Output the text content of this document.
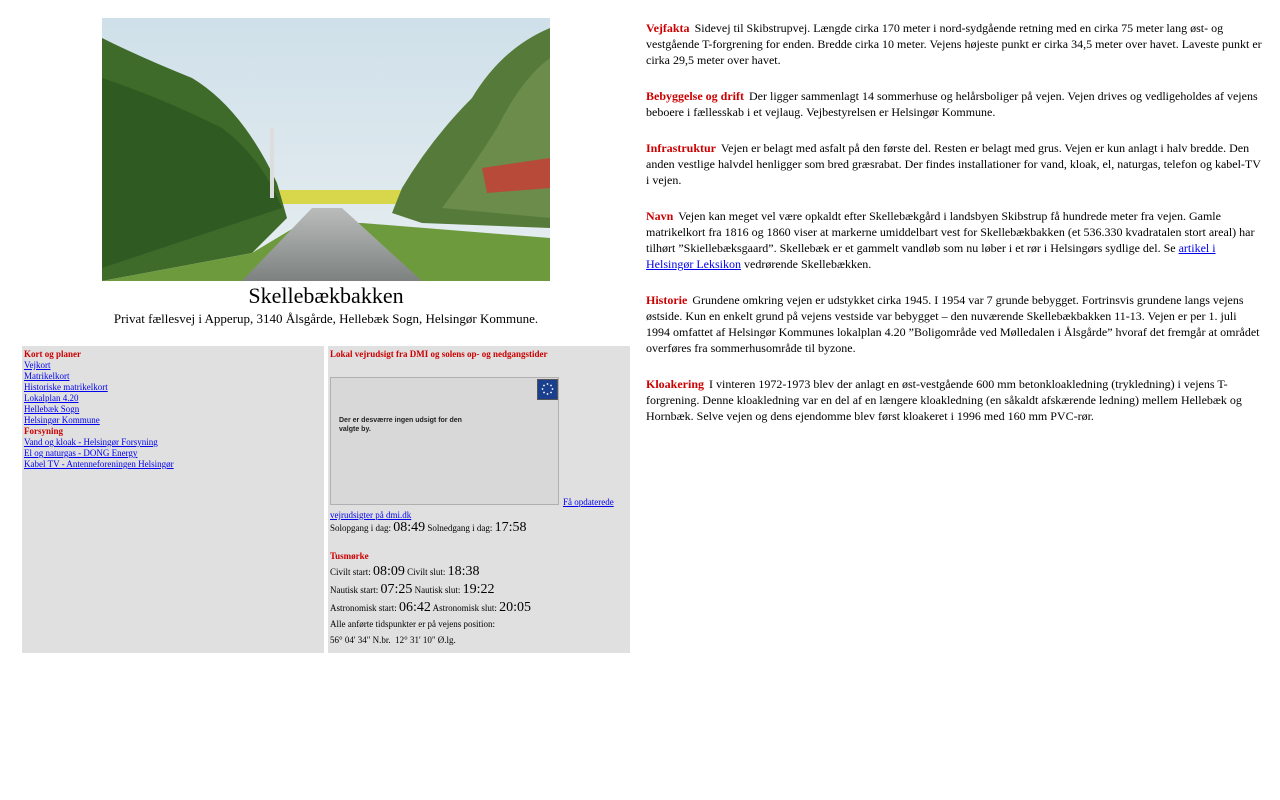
Skellebækbakken
Privat fællesvej i Apperup, 3140 Ålsgårde, Hellebæk Sogn, Helsingør Kommune.
Kort og planer
Vejkort
Matrikelkort
Historiske matrikelkort
Lokalplan 4.20
Hellebæk Sogn
Helsingør Kommune
Forsyning
Vand og kloak - Helsingør Forsyning
El og naturgas - DONG Energy
Kabel TV - Antenneforeningen Helsingør
Lokal vejrudsigt fra DMI og solens op- og nedgangstider
Der er desværre ingen udsigt for den valgte by.
Få opdaterede vejrudsigter på dmi.dk
Solopgang i dag: 08:49 Solnedgang i dag: 17:58
Tusmørke
Civilt start: 08:09 Civilt slut: 18:38
Nautisk start: 07:25 Nautisk slut: 19:22
Astronomisk start: 06:42 Astronomisk slut: 20:05
Alle anførte tidspunkter er på vejens position:
56° 04' 34" N.br. 12° 31' 10" Ø.lg.

Vejfakta Sidevej til Skibstrupvej. Længde cirka 170 meter i nord-sydgående retning med en cirka 75 meter lang øst- og vestgående T-forgrening for enden. Bredde cirka 10 meter. Vejens højeste punkt er cirka 34,5 meter over havet. Laveste punkt er cirka 29,5 meter over havet.

Bebyggelse og drift Der ligger sammenlagt 14 sommerhuse og helårsboliger på vejen. Vejen drives og vedligeholdes af vejens beboere i fællesskab i et vejlaug. Vejbestyrelsen er Helsingør Kommune.

Infrastruktur Vejen er belagt med asfalt på den første del. Resten er belagt med grus. Vejen er kun anlagt i halv bredde. Den anden vestlige halvdel henligger som bred græsrabat. Der findes installationer for vand, kloak, el, naturgas, telefon og kabel-TV i vejen.

Navn Vejen kan meget vel være opkaldt efter Skellebækgård i landsbyen Skibstrup få hundrede meter fra vejen. Gamle matrikelkort fra 1816 og 1860 viser at markerne umiddelbart vest for Skellebækbakken (et 536.330 kvadratalen stort areal) har tilhørt ”Skiellebæksgaard”. Skellebæk er et gammelt vandløb som nu løber i et rør i Helsingørs sydlige del. Se artikel i Helsingør Leksikon vedrørende Skellebækken.

Historie Grundene omkring vejen er udstykket cirka 1945. I 1954 var 7 grunde bebygget. Fortrinsvis grundene langs vejens østside. Kun en enkelt grund på vejens vestside var bebygget – den nuværende Skellebækbakken 11-13. Vejen er per 1. juli 1994 omfattet af Helsingør Kommunes lokalplan 4.20 ”Boligområde ved Mølledalen i Ålsgårde” hvoraf det fremgår at området overføres fra sommerhusområde til byzone.

Kloakering I vinteren 1972-1973 blev der anlagt en øst-vestgående 600 mm betonkloakledning (trykledning) i vejens T-forgrening. Denne kloakledning var en del af en længere kloakledning (en såkaldt afskærende ledning) mellem Hellebæk og Hornbæk. Selve vejen og dens ejendomme blev først kloakeret i 1996 med 160 mm PVC-rør.
